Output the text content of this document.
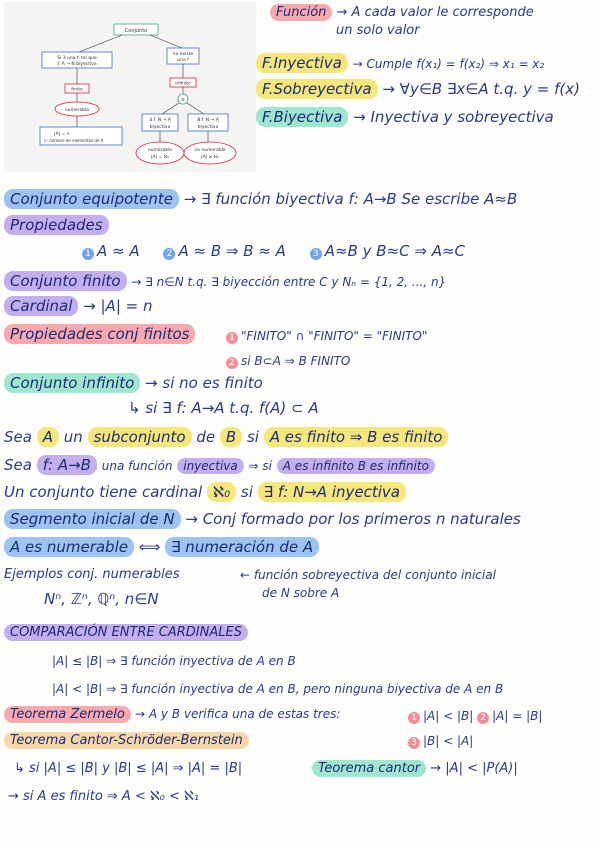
Conjunto
Si 3 una f. tal que
f: A → N biyectiva
finito
numerable
|A| = n
n: número de elementos de A
no existe
una f
infinito
o
∃ f: N → A
biyectiva
∄ f: N → A
biyectiva
numerable
|A| = ℵ₀
no numerable
|A| ≠ ℵ₀
Función → A cada valor le corresponde
un solo valor
F.Inyectiva → Cumple f(x₁) = f(x₂) ⇒ x₁ = x₂
F.Sobreyectiva → ∀y∈B ∃x∈A t.q. y = f(x)
F.Biyectiva → Inyectiva y sobreyectiva
Conjunto equipotente → ∃ función biyectiva f: A→B Se escribe A≈B
Propiedades
1 A ≈ A	2 A ≈ B ⇒ B ≈ A	3 A≈B y B≈C ⇒ A≈C
Conjunto finito → ∃ n∈N t.q. ∃ biyección entre C y Nₙ = {1, 2, ..., n}
Cardinal → |A| = n
Propiedades conj finitos	1 "FINITO" ∩ "FINITO" = "FINITO"
2 si B⊂A ⇒ B FINITO
Conjunto infinito → si no es finito
↳ si ∃ f: A→A t.q. f(A) ⊂ A
Sea A un subconjunto de B si A es finito ⇒ B es finito
Sea f: A→B una función inyectiva ⇒ si A es infinito B es infinito
Un conjunto tiene cardinal ℵ₀ si ∃ f: N→A inyectiva
Segmento inicial de N → Conj formado por los primeros n naturales
A es numerable ⟺ ∃ numeración de A
← función sobreyectiva del conjunto inicial
de N sobre A
Ejemplos conj. numerables
Nⁿ, ℤⁿ, ℚⁿ, n∈N
COMPARACIÓN ENTRE CARDINALES
|A| ≤ |B| ⇒ ∃ función inyectiva de A en B
|A| < |B| ⇒ ∃ función inyectiva de A en B, pero ninguna biyectiva de A en B
Teorema Zermelo → A y B verifica una de estas tres:	1 |A| < |B| 2 |A| = |B|
3 |B| < |A|
Teorema Cantor-Schröder-Bernstein
↳ si |A| ≤ |B| y |B| ≤ |A| ⇒ |A| = |B|	Teorema cantor → |A| < |P(A)|
→ si A es finito ⇒ A < ℵ₀ < ℵ₁
